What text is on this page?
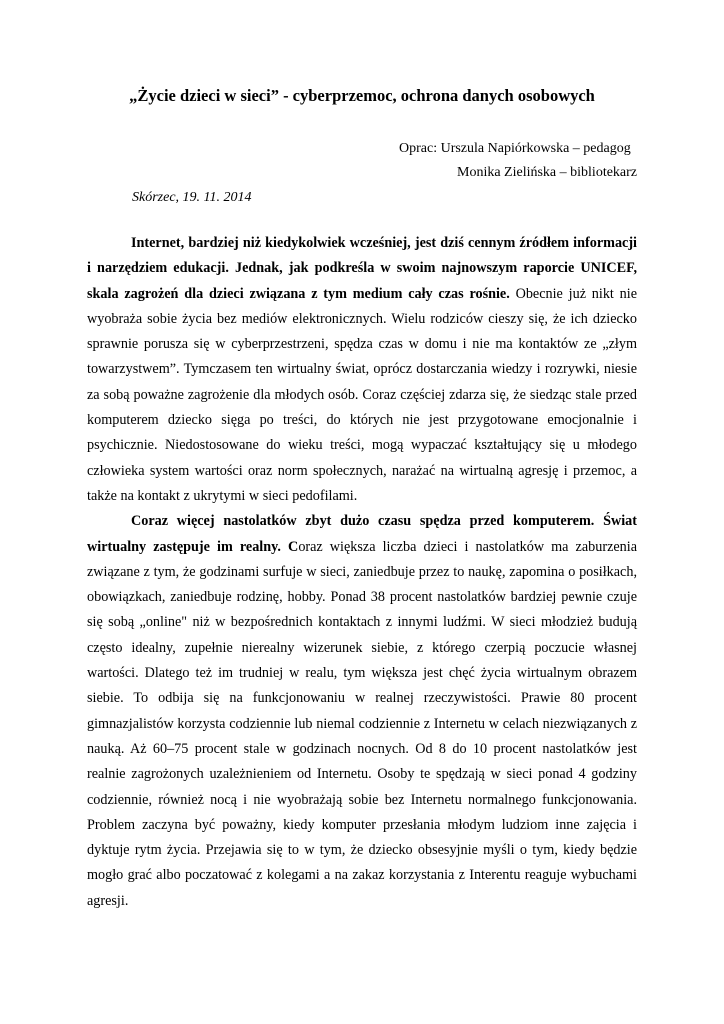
„Życie dzieci w sieci” - cyberprzemoc, ochrona danych osobowych
Oprac: Urszula Napiórkowska – pedagog
Monika Zielińska – bibliotekarz
Skórzec, 19. 11. 2014

Internet, bardziej niż kiedykolwiek wcześniej, jest dziś cennym źródłem informacji i narzędziem edukacji. Jednak, jak podkreśla w swoim najnowszym raporcie UNICEF, skala zagrożeń dla dzieci związana z tym medium cały czas rośnie. Obecnie już nikt nie wyobraża sobie życia bez mediów elektronicznych. Wielu rodziców cieszy się, że ich dziecko sprawnie porusza się w cyberprzestrzeni, spędza czas w domu i nie ma kontaktów ze „złym towarzystwem”. Tymczasem ten wirtualny świat, oprócz dostarczania wiedzy i rozrywki, niesie za sobą poważne zagrożenie dla młodych osób. Coraz częściej zdarza się, że siedząc stale przed komputerem dziecko sięga po treści, do których nie jest przygotowane emocjonalnie i psychicznie. Niedostosowane do wieku treści, mogą wypaczać kształtujący się u młodego człowieka system wartości oraz norm społecznych, narażać na wirtualną agresję i przemoc, a także na kontakt z ukrytymi w sieci pedofilami.

Coraz więcej nastolatków zbyt dużo czasu spędza przed komputerem. Świat wirtualny zastępuje im realny. Coraz większa liczba dzieci i nastolatków ma zaburzenia związane z tym, że godzinami surfuje w sieci, zaniedbuje przez to naukę, zapomina o posiłkach, obowiązkach, zaniedbuje rodzinę, hobby. Ponad 38 procent nastolatków bardziej pewnie czuje się sobą „online" niż w bezpośrednich kontaktach z innymi ludźmi. W sieci młodzież budują często idealny, zupełnie nierealny wizerunek siebie, z którego czerpią poczucie własnej wartości. Dlatego też im trudniej w realu, tym większa jest chęć życia wirtualnym obrazem siebie. To odbija się na funkcjonowaniu w realnej rzeczywistości. Prawie 80 procent gimnazjalistów korzysta codziennie lub niemal codziennie z Internetu w celach niezwiązanych z nauką. Aż 60–75 procent stale w godzinach nocnych. Od 8 do 10 procent nastolatków jest realnie zagrożonych uzależnieniem od Internetu. Osoby te spędzają w sieci ponad 4 godziny codziennie, również nocą i nie wyobrażają sobie bez Internetu normalnego funkcjonowania. Problem zaczyna być poważny, kiedy komputer przesłania młodym ludziom inne zajęcia i dyktuje rytm życia. Przejawia się to w tym, że dziecko obsesyjnie myśli o tym, kiedy będzie mogło grać albo poczatować z kolegami a na zakaz korzystania z Interentu reaguje wybuchami agresji.
